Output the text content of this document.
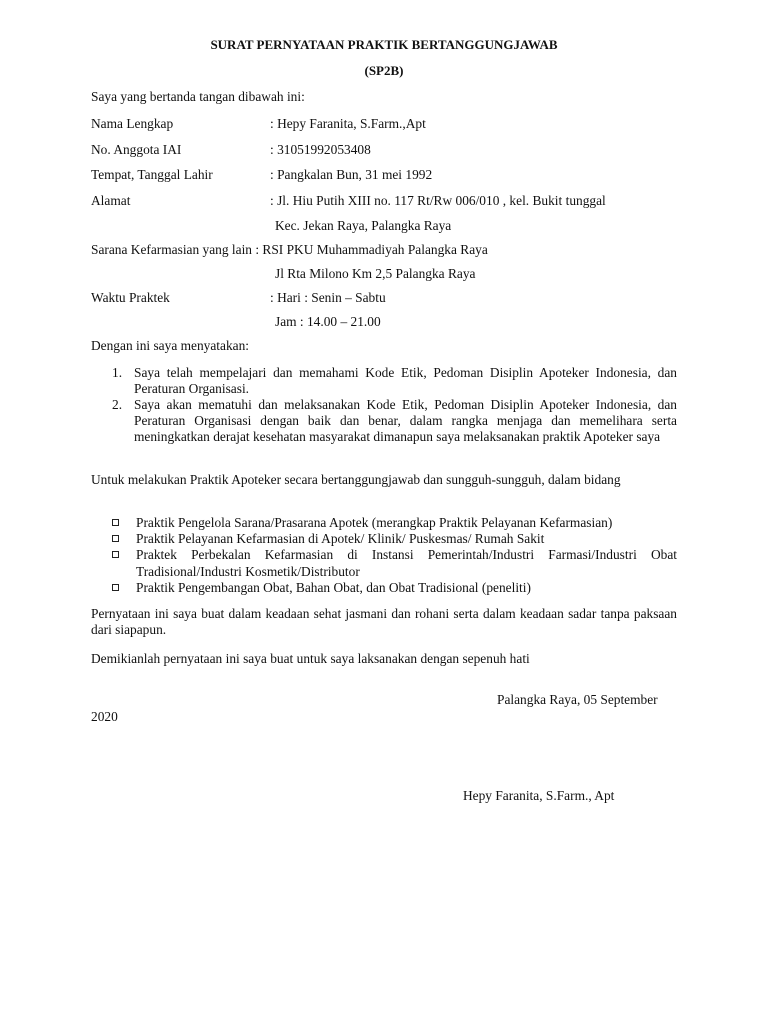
SURAT PERNYATAAN PRAKTIK BERTANGGUNGJAWAB
(SP2B)
Saya yang bertanda tangan dibawah ini:
Nama Lengkap	: Hepy Faranita, S.Farm.,Apt
No. Anggota IAI	: 31051992053408
Tempat, Tanggal Lahir	: Pangkalan Bun, 31 mei 1992
Alamat	: Jl. Hiu Putih XIII no. 117 Rt/Rw 006/010 , kel. Bukit tunggal
Kec. Jekan Raya, Palangka Raya
Sarana Kefarmasian yang lain : RSI PKU Muhammadiyah Palangka Raya
Jl Rta Milono Km 2,5 Palangka Raya
Waktu Praktek	: Hari : Senin – Sabtu
Jam : 14.00 – 21.00
Dengan ini saya menyatakan:
1. Saya telah mempelajari dan memahami Kode Etik, Pedoman Disiplin Apoteker Indonesia, dan Peraturan Organisasi.
2. Saya akan mematuhi dan melaksanakan Kode Etik, Pedoman Disiplin Apoteker Indonesia, dan Peraturan Organisasi dengan baik dan benar, dalam rangka menjaga dan memelihara serta meningkatkan derajat kesehatan masyarakat dimanapun saya melaksanakan praktik Apoteker saya
Untuk melakukan Praktik Apoteker secara bertanggungjawab dan sungguh-sungguh, dalam bidang
Praktik Pengelola Sarana/Prasarana Apotek (merangkap Praktik Pelayanan Kefarmasian)
Praktik Pelayanan Kefarmasian di Apotek/ Klinik/ Puskesmas/ Rumah Sakit
Praktek Perbekalan Kefarmasian di Instansi Pemerintah/Industri Farmasi/Industri Obat Tradisional/Industri Kosmetik/Distributor
Praktik Pengembangan Obat, Bahan Obat, dan Obat Tradisional (peneliti)
Pernyataan ini saya buat dalam keadaan sehat jasmani dan rohani serta dalam keadaan sadar tanpa paksaan dari siapapun.
Demikianlah pernyataan ini saya buat untuk saya laksanakan dengan sepenuh hati
Palangka Raya, 05 September
2020
Hepy Faranita, S.Farm., Apt
